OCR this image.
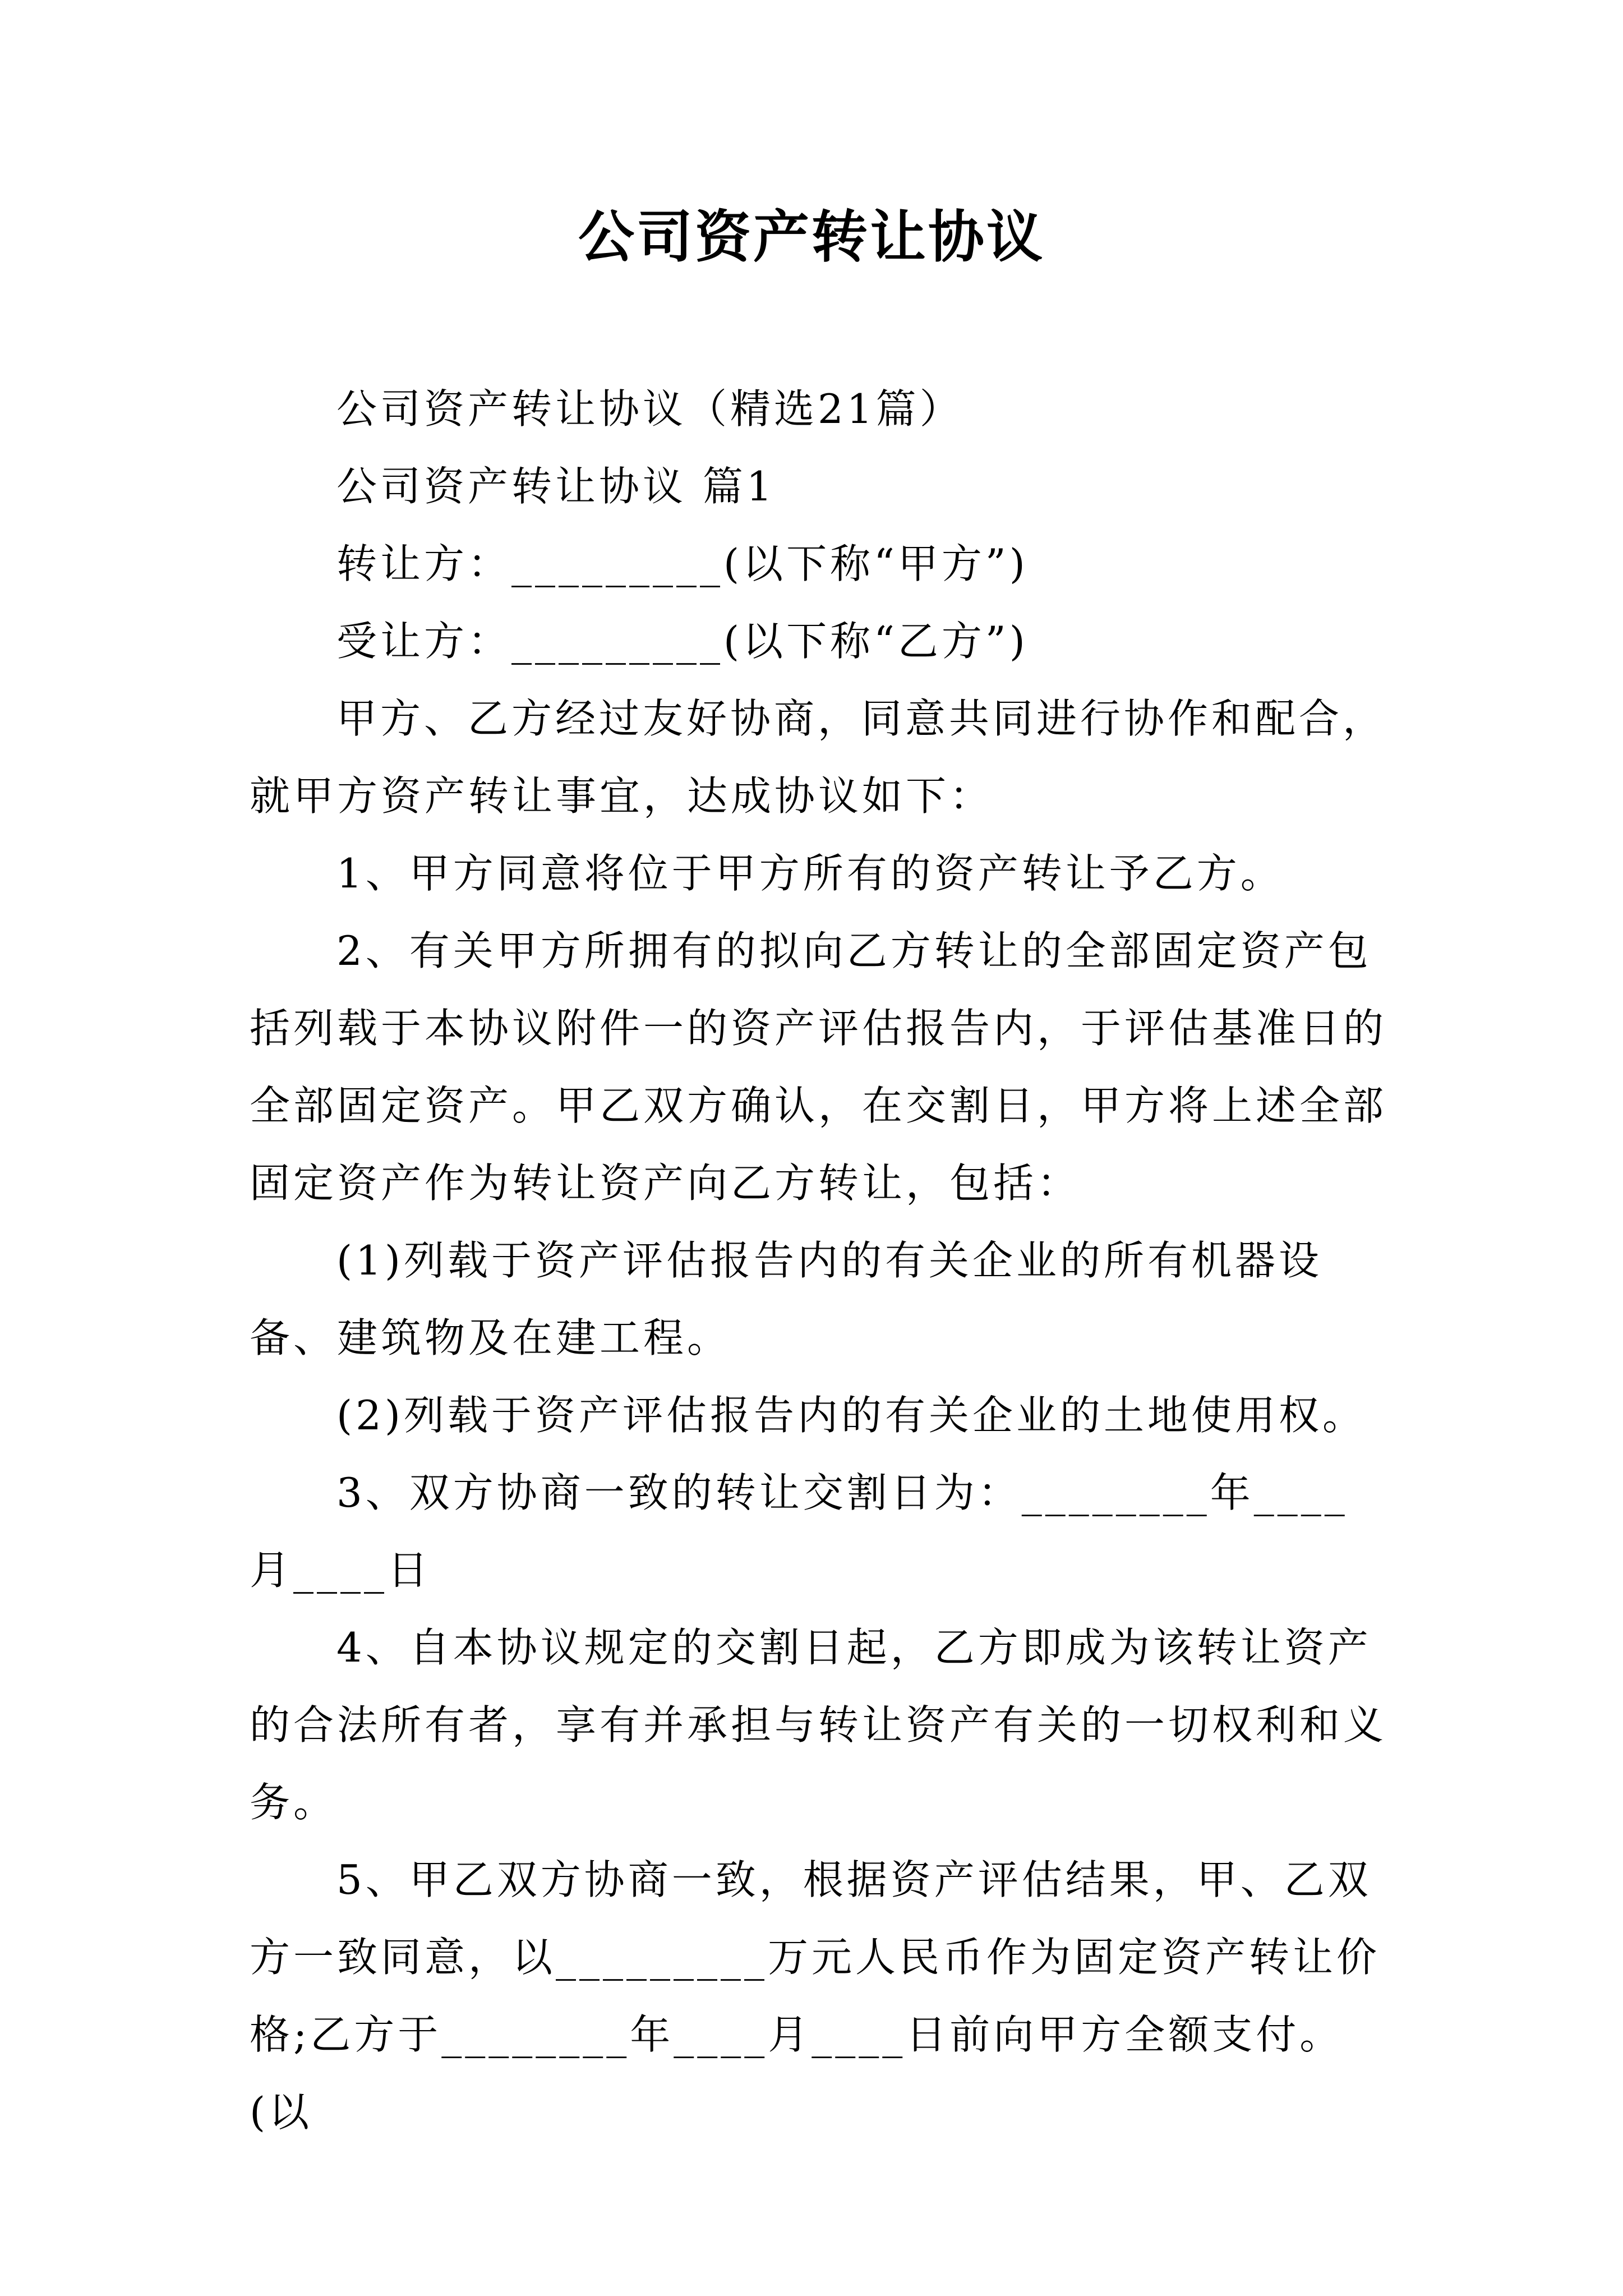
公司资产转让协议

公司资产转让协议（精选21篇）

公司资产转让协议 篇1

转让方：_________(以下称“甲方”)

受让方：_________(以下称“乙方”)

甲方、乙方经过友好协商，同意共同进行协作和配合，就甲方资产转让事宜，达成协议如下：

1、甲方同意将位于甲方所有的资产转让予乙方。

2、有关甲方所拥有的拟向乙方转让的全部固定资产包括列载于本协议附件一的资产评估报告内，于评估基准日的全部固定资产。甲乙双方确认，在交割日，甲方将上述全部固定资产作为转让资产向乙方转让，包括：

(1)列载于资产评估报告内的有关企业的所有机器设备、建筑物及在建工程。

(2)列载于资产评估报告内的有关企业的土地使用权。

3、双方协商一致的转让交割日为：________年____月____日

4、自本协议规定的交割日起，乙方即成为该转让资产的合法所有者，享有并承担与转让资产有关的一切权利和义务。

5、甲乙双方协商一致，根据资产评估结果，甲、乙双方一致同意，以_________万元人民币作为固定资产转让价格;乙方于________年____月____日前向甲方全额支付。(以
